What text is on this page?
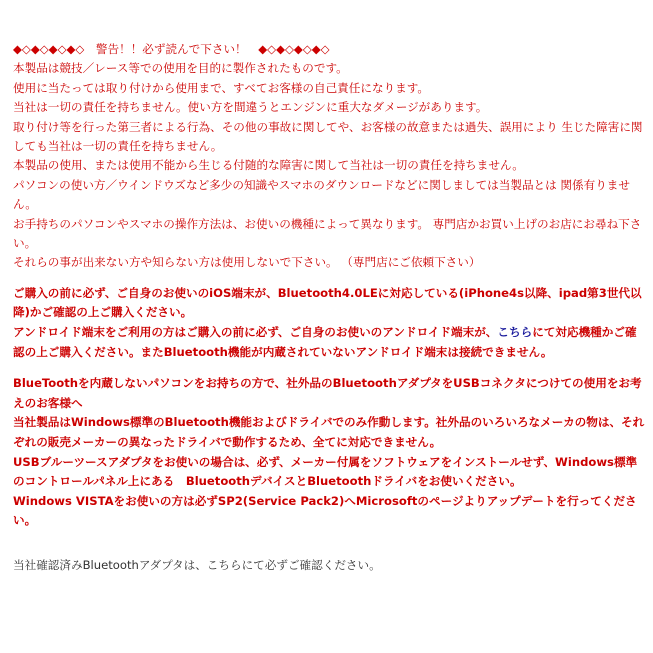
◆◇◆◇◆◇◆◇　警告！！必ず読んで下さい！　◆◇◆◇◆◇◆◇

本製品は競技／レース等での使用を目的に製作されたものです。

使用に当たっては取り付けから使用まで、すべてお客様の自己責任になります。

当社は一切の責任を持ちません。使い方を間違うとエンジンに重大なダメージがあります。

取り付け等を行った第三者による行為、その他の事故に関してや、お客様の故意または過失、誤用により 生じた障害に関しても当社は一切の責任を持ちません。

本製品の使用、または使用不能から生じる付随的な障害に関して当社は一切の責任を持ちません。

パソコンの使い方／ウインドウズなど多少の知識やスマホのダウンロードなどに関しましては当製品とは 関係有りません。

お手持ちのパソコンやスマホの操作方法は、お使いの機種によって異なります。 専門店かお買い上げのお店にお尋ね下さい。

それらの事が出来ない方や知らない方は使用しないで下さい。 （専門店にご依頼下さい）

ご購入の前に必ず、ご自身のお使いのiOS端末が、Bluetooth4.0LEに対応している(iPhone4s以降、ipad第3世代以降)かご確認の上ご購入ください。

アンドロイド端末をご利用の方はご購入の前に必ず、ご自身のお使いのアンドロイド端末が、こちらにて対応機種かご確認の上ご購入ください。またBluetooth機能が内蔵されていないアンドロイド端末は接続できません。

BlueToothを内蔵しないパソコンをお持ちの方で、社外品のBluetoothアダプタをUSBコネクタにつけての使用をお考えのお客様へ

当社製品はWindows標準のBluetooth機能およびドライバでのみ作動します。社外品のいろいろなメーカの物は、それぞれの販売メーカーの異なったドライバで動作するため、全てに対応できません。

USBブルーツースアダプタをお使いの場合は、必ず、メーカー付属をソフトウェアをインストールせず、Windows標準のコントロールパネル上にある　BluetoothデバイスとBluetoothドライバをお使いください。

Windows VISTAをお使いの方は必ずSP2(Service Pack2)へMicrosoftのページよりアップデートを行ってください。

当社確認済みBluetoothアダプタは、こちらにて必ずご確認ください。
